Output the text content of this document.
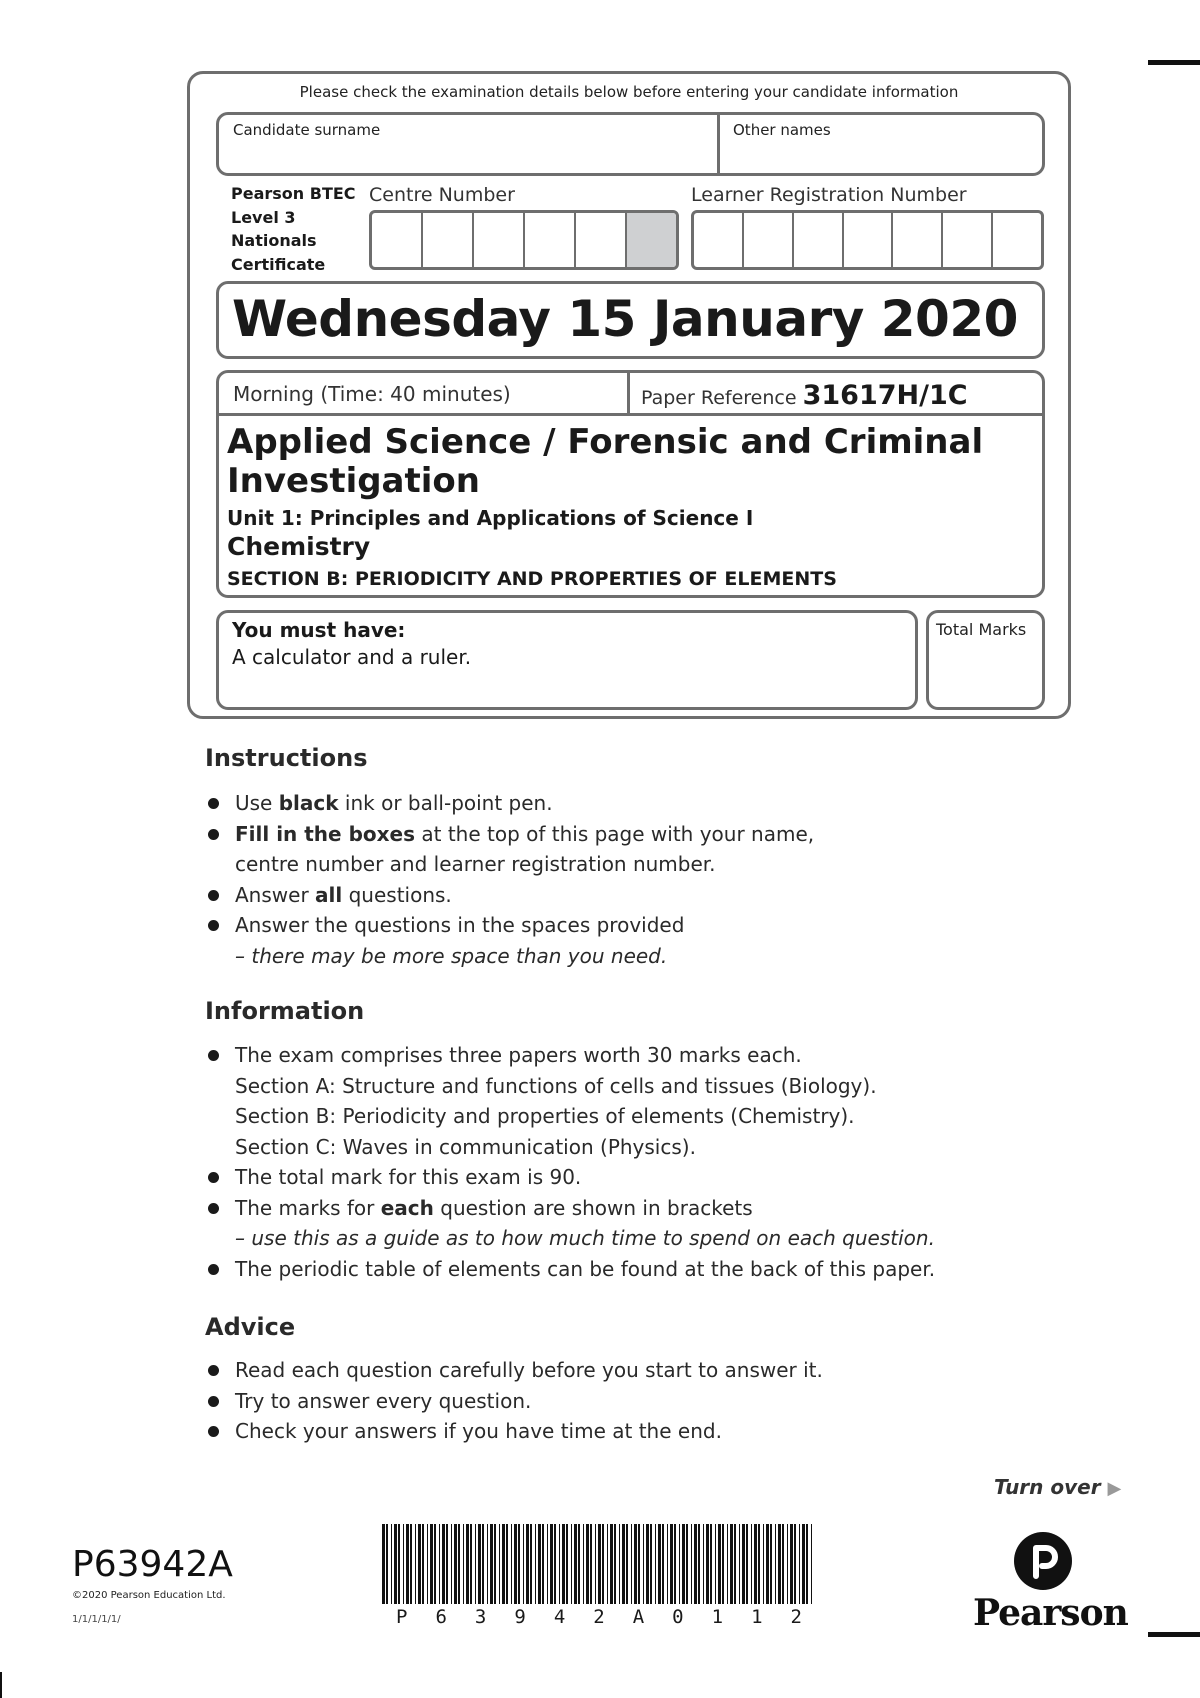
Please check the examination details below before entering your candidate information
Candidate surname	Other names
Pearson BTEC
Level 3
Nationals
Certificate
Centre Number	Learner Registration Number
Wednesday 15 January 2020
Morning (Time: 40 minutes)	Paper Reference 31617H/1C
Applied Science / Forensic and Criminal
Investigation
Unit 1: Principles and Applications of Science I
Chemistry
SECTION B: PERIODICITY AND PROPERTIES OF ELEMENTS
You must have:
A calculator and a ruler.
Total Marks
Instructions
Use black ink or ball-point pen.
Fill in the boxes at the top of this page with your name,
centre number and learner registration number.
Answer all questions.
Answer the questions in the spaces provided
– there may be more space than you need.
Information
The exam comprises three papers worth 30 marks each.
Section A: Structure and functions of cells and tissues (Biology).
Section B: Periodicity and properties of elements (Chemistry).
Section C: Waves in communication (Physics).
The total mark for this exam is 90.
The marks for each question are shown in brackets
– use this as a guide as to how much time to spend on each question.
The periodic table of elements can be found at the back of this paper.
Advice
Read each question carefully before you start to answer it.
Try to answer every question.
Check your answers if you have time at the end.
Turn over ▶
P63942A
©2020 Pearson Education Ltd.
1/1/1/1/1/	P 6 3 9 4 2 A 0 1 1 2	Pearson
